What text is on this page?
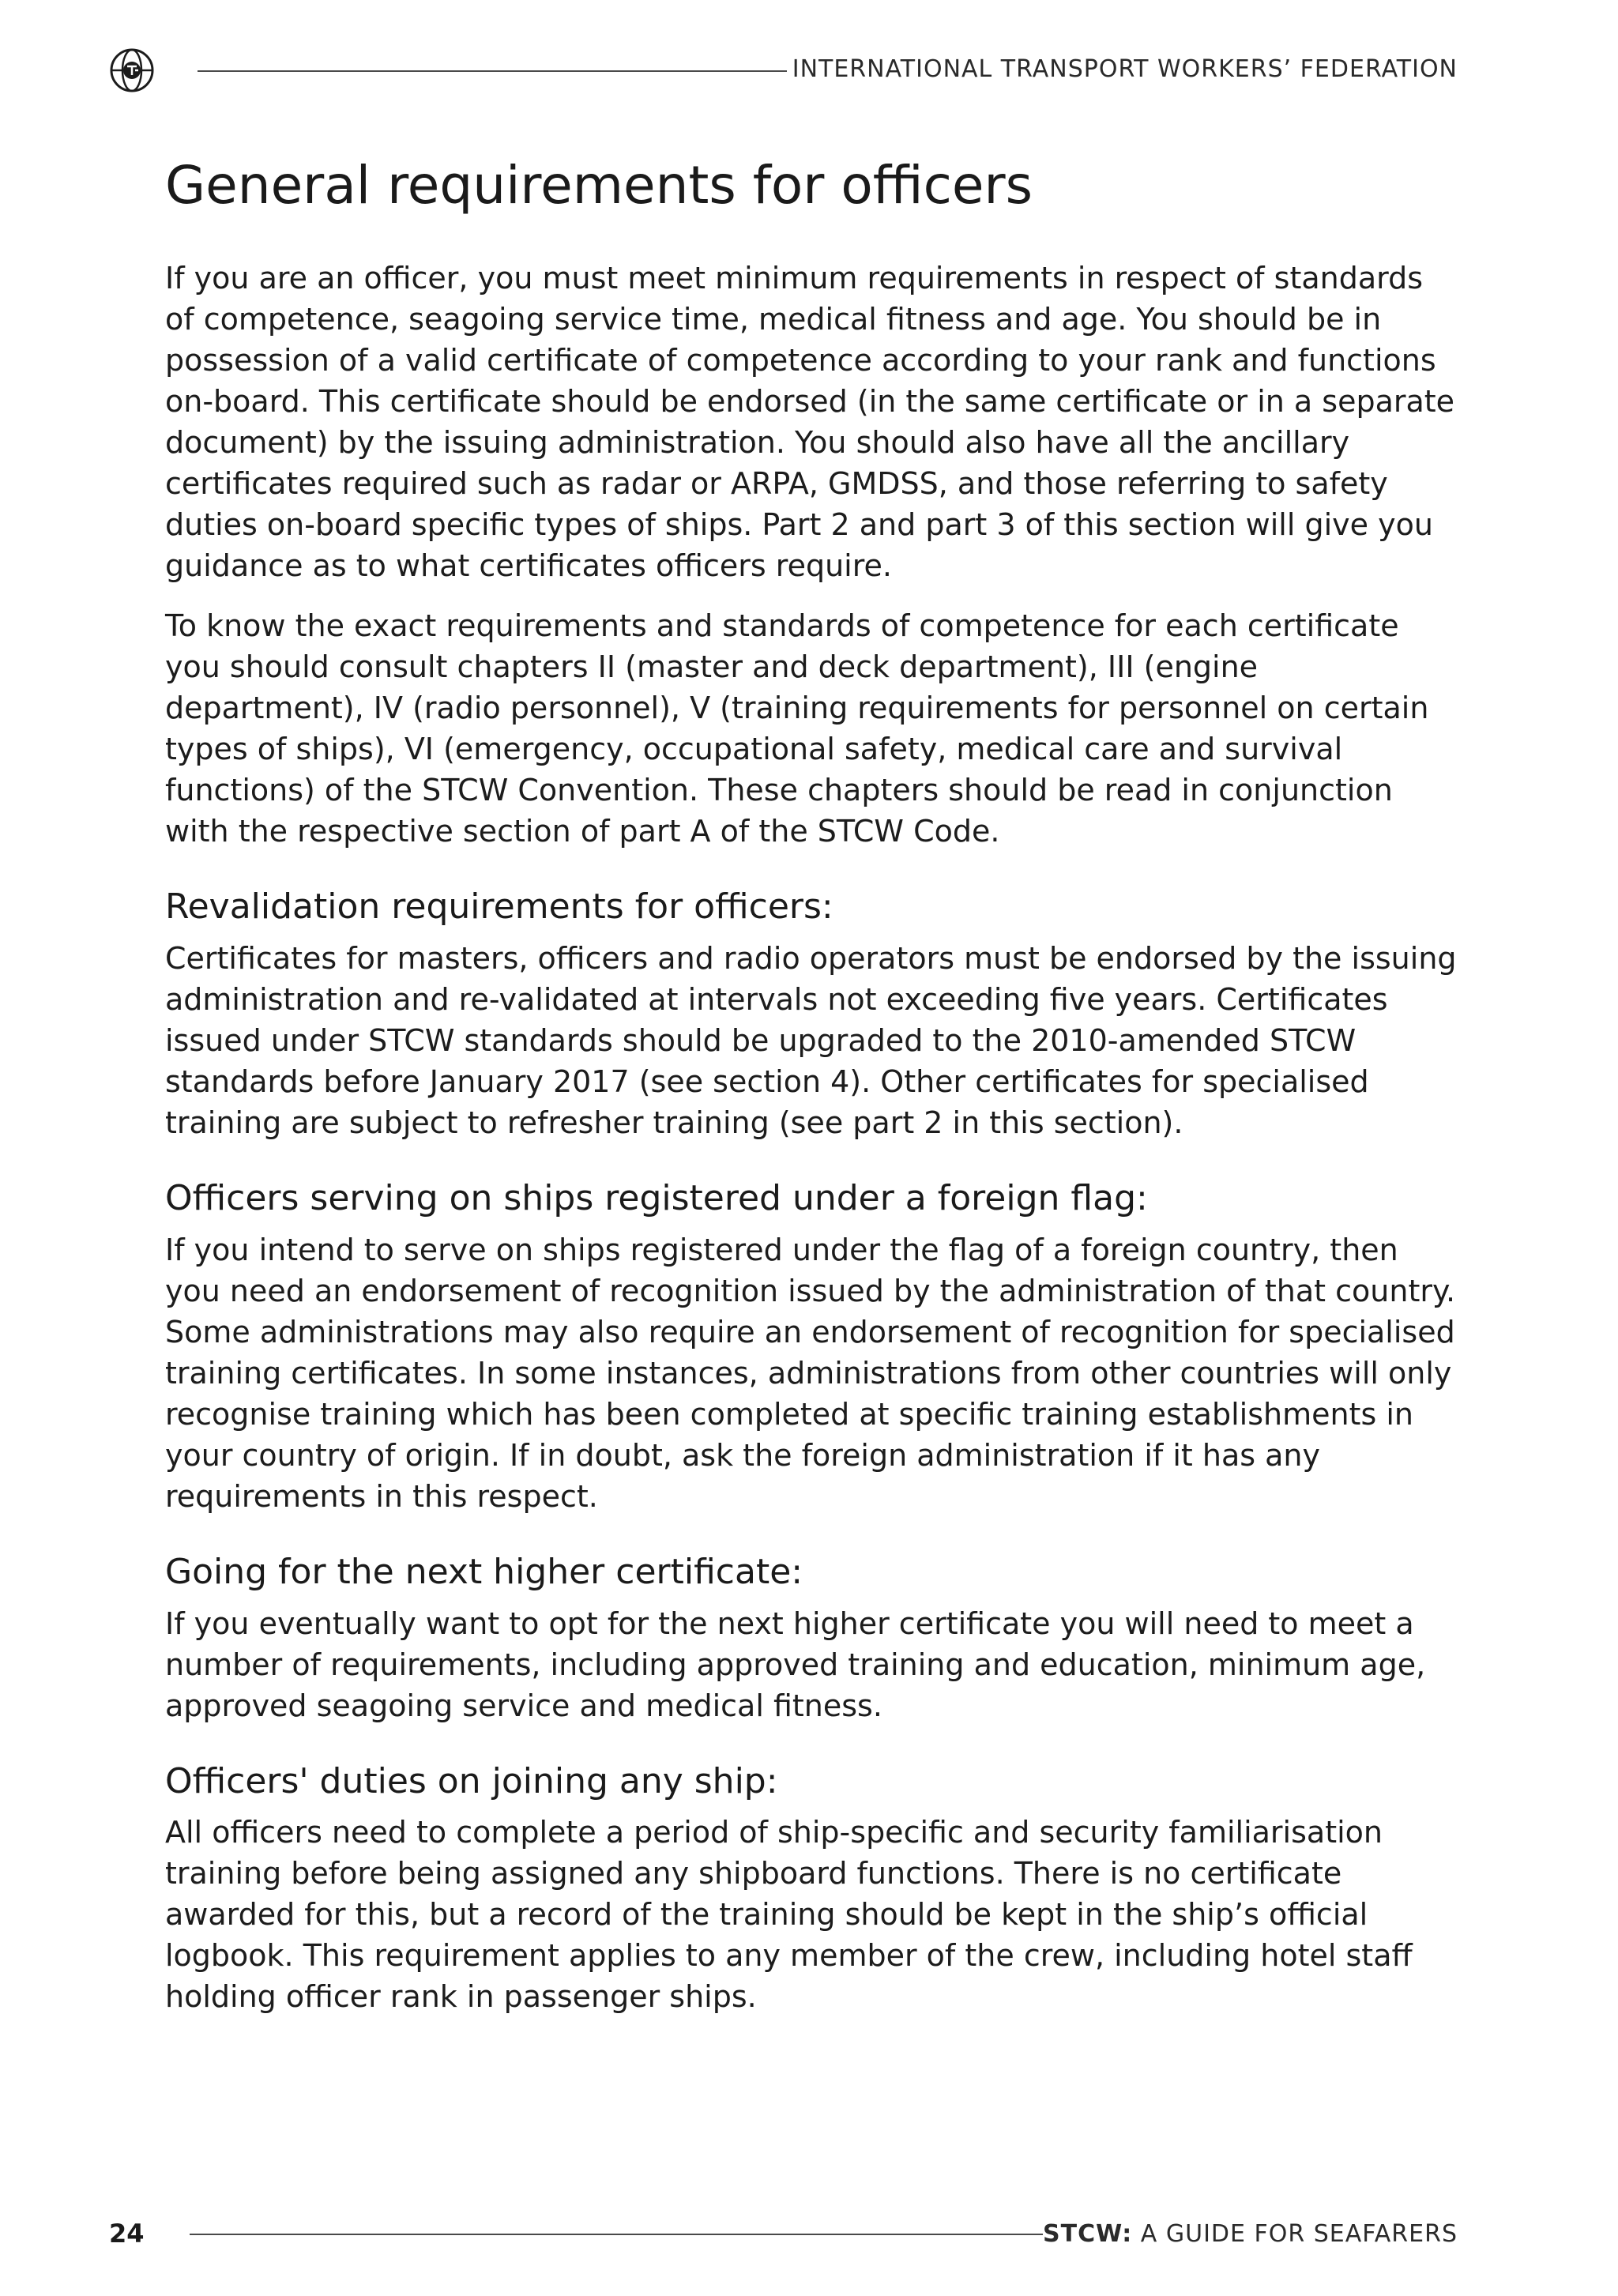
INTERNATIONAL TRANSPORT WORKERS’ FEDERATION
General requirements for officers

If you are an officer, you must meet minimum requirements in respect of standards of competence, seagoing service time, medical fitness and age. You should be in possession of a valid certificate of competence according to your rank and functions on-board. This certificate should be endorsed (in the same certificate or in a separate document) by the issuing administration. You should also have all the ancillary certificates required such as radar or ARPA, GMDSS, and those referring to safety duties on-board specific types of ships. Part 2 and part 3 of this section will give you guidance as to what certificates officers require.

To know the exact requirements and standards of competence for each certificate you should consult chapters II (master and deck department), III (engine department), IV (radio personnel), V (training requirements for personnel on certain types of ships), VI (emergency, occupational safety, medical care and survival functions) of the STCW Convention. These chapters should be read in conjunction with the respective section of part A of the STCW Code.

Revalidation requirements for officers:

Certificates for masters, officers and radio operators must be endorsed by the issuing administration and re-validated at intervals not exceeding five years. Certificates issued under STCW standards should be upgraded to the 2010-amended STCW standards before January 2017 (see section 4). Other certificates for specialised training are subject to refresher training (see part 2 in this section).

Officers serving on ships registered under a foreign flag:

If you intend to serve on ships registered under the flag of a foreign country, then you need an endorsement of recognition issued by the administration of that country. Some administrations may also require an endorsement of recognition for specialised training certificates. In some instances, administrations from other countries will only recognise training which has been completed at specific training establishments in your country of origin. If in doubt, ask the foreign administration if it has any requirements in this respect.

Going for the next higher certificate:

If you eventually want to opt for the next higher certificate you will need to meet a number of requirements, including approved training and education, minimum age, approved seagoing service and medical fitness.

Officers' duties on joining any ship:

All officers need to complete a period of ship-specific and security familiarisation training before being assigned any shipboard functions. There is no certificate awarded for this, but a record of the training should be kept in the ship’s official logbook. This requirement applies to any member of the crew, including hotel staff holding officer rank in passenger ships.

24	STCW: A GUIDE FOR SEAFARERS
